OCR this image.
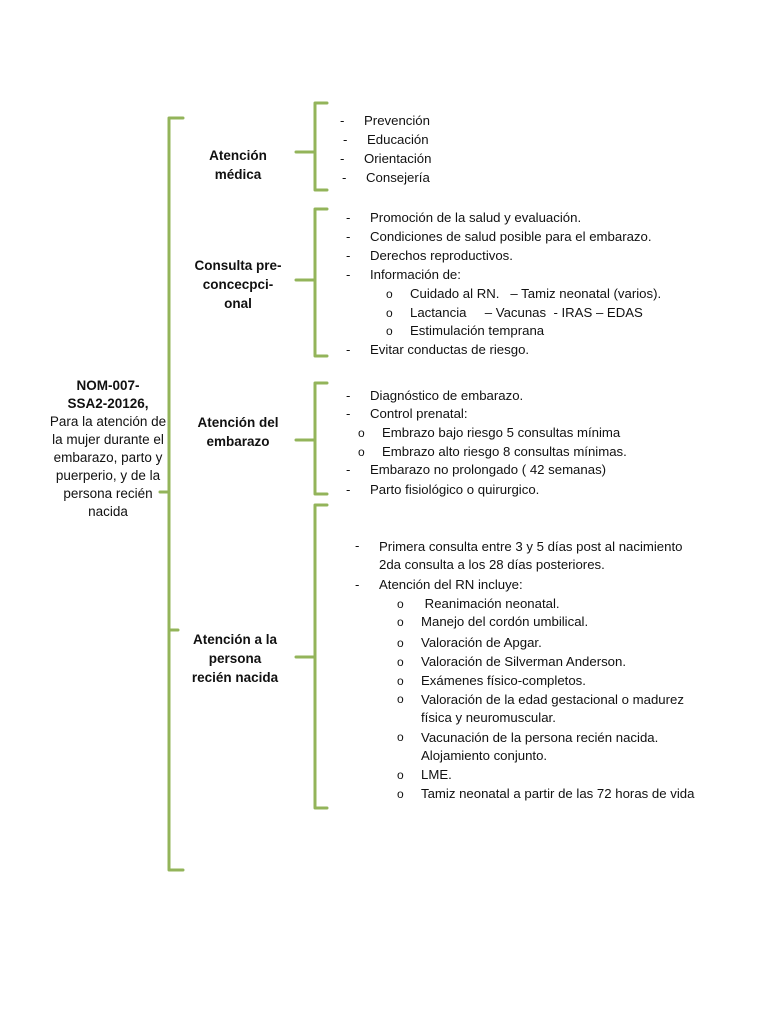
NOM-007-
SSA2-20126,
Para la atención de la mujer durante el embarazo, parto y puerperio, y de la persona recién nacida
Atención
médica
Consulta pre-
concecpci-
onal
Atención del
embarazo
Atención a la
persona
recién nacida
- Prevención
- Educación
- Orientación
- Consejería
- Promoción de la salud y evaluación.
- Condiciones de salud posible para el embarazo.
- Derechos reproductivos.
- Información de:
o Cuidado al RN.   – Tamiz neonatal (varios).
o Lactancia     – Vacunas  - IRAS – EDAS
o Estimulación temprana
- Evitar conductas de riesgo.
- Diagnóstico de embarazo.
- Control prenatal:
o Embrazo bajo riesgo 5 consultas mínima
o Embrazo alto riesgo 8 consultas mínimas.
- Embarazo no prolongado ( 42 semanas)
- Parto fisiológico o quirurgico.
- Primera consulta entre 3 y 5 días post al nacimiento
2da consulta a los 28 días posteriores.
- Atención del RN incluye:
o Reanimación neonatal.
o Manejo del cordón umbilical.
o Valoración de Apgar.
o Valoración de Silverman Anderson.
o Exámenes físico-completos.
o Valoración de la edad gestacional o madurez
física y neuromuscular.
o Vacunación de la persona recién nacida.
Alojamiento conjunto.
o LME.
o Tamiz neonatal a partir de las 72 horas de vida
